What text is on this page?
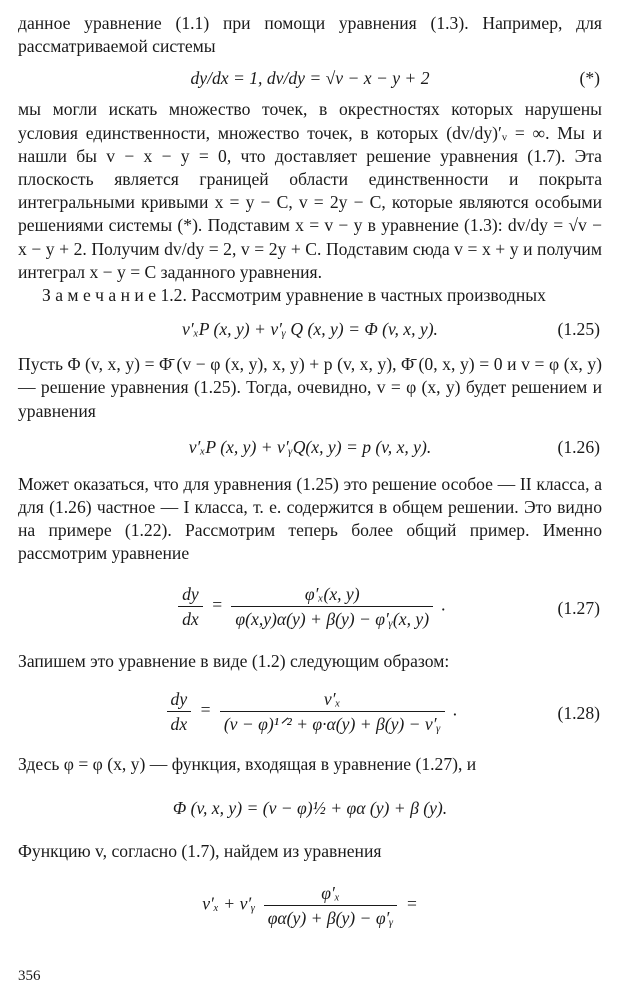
данное уравнение (1.1) при помощи уравнения (1.3). Например, для рассматриваемой системы

dy/dx = 1, dv/dy = √v − x − y + 2	(*)

мы могли искать множество точек, в окрестностях которых нарушены условия единственности, множество точек, в которых (dv/dy)′ᵥ = ∞. Мы и нашли бы v − x − y = 0, что доставляет решение уравнения (1.7). Эта плоскость является границей области единственности и покрыта интегральными кривыми x = y − C, v = 2y − C, которые являются особыми решениями системы (*). Подставим x = v − y в уравнение (1.3): dv/dy = √v − x − y + 2. Получим dv/dy = 2, v = 2y + C. Подставим сюда v = x + y и получим интеграл x − y = C заданного уравнения.

З а м е ч а н и е 1.2. Рассмотрим уравнение в частных производных

v′ₓP (x, y) + v′ᵧ Q (x, y) = Φ (v, x, y).	(1.25)

Пусть Φ (v, x, y) = Φ̄ (v − φ (x, y), x, y) + p (v, x, y), Φ̄ (0, x, y) = 0 и v = φ (x, y) — решение уравнения (1.25). Тогда, очевидно, v = φ (x, y) будет решением и уравнения

v′ₓP (x, y) + v′ᵧQ(x, y) = p (v, x, y).	(1.26)

Может оказаться, что для уравнения (1.25) это решение особое — II класса, а для (1.26) частное — I класса, т. е. содержится в общем решении. Это видно на примере (1.22). Рассмотрим теперь более общий пример. Именно рассмотрим уравнение

$\frac{dy}{dx} = \frac{\text{φ′ₓ(x, y)}}{\text{φ(x,y)α(y) + β(y) − φ′ᵧ(x, y)}}$ .	(1.27)

Запишем это уравнение в виде (1.2) следующим образом:

$\frac{dy}{dx} = \frac{\text{v′ₓ}}{\text{(v − φ)¹ᐟ² + φ·α(y) + β(y) − v′ᵧ}}$ .	(1.28)

Здесь φ = φ (x, y) — функция, входящая в уравнение (1.27), и

Φ (v, x, y) = (v − φ)½ + φα (y) + β (y).

Функцию v, согласно (1.7), найдем из уравнения

v′ₓ + v′ᵧ $\frac{\text{φ′ₓ}}{\text{φα(y) + β(y) − φ′ᵧ}}$ =
356
